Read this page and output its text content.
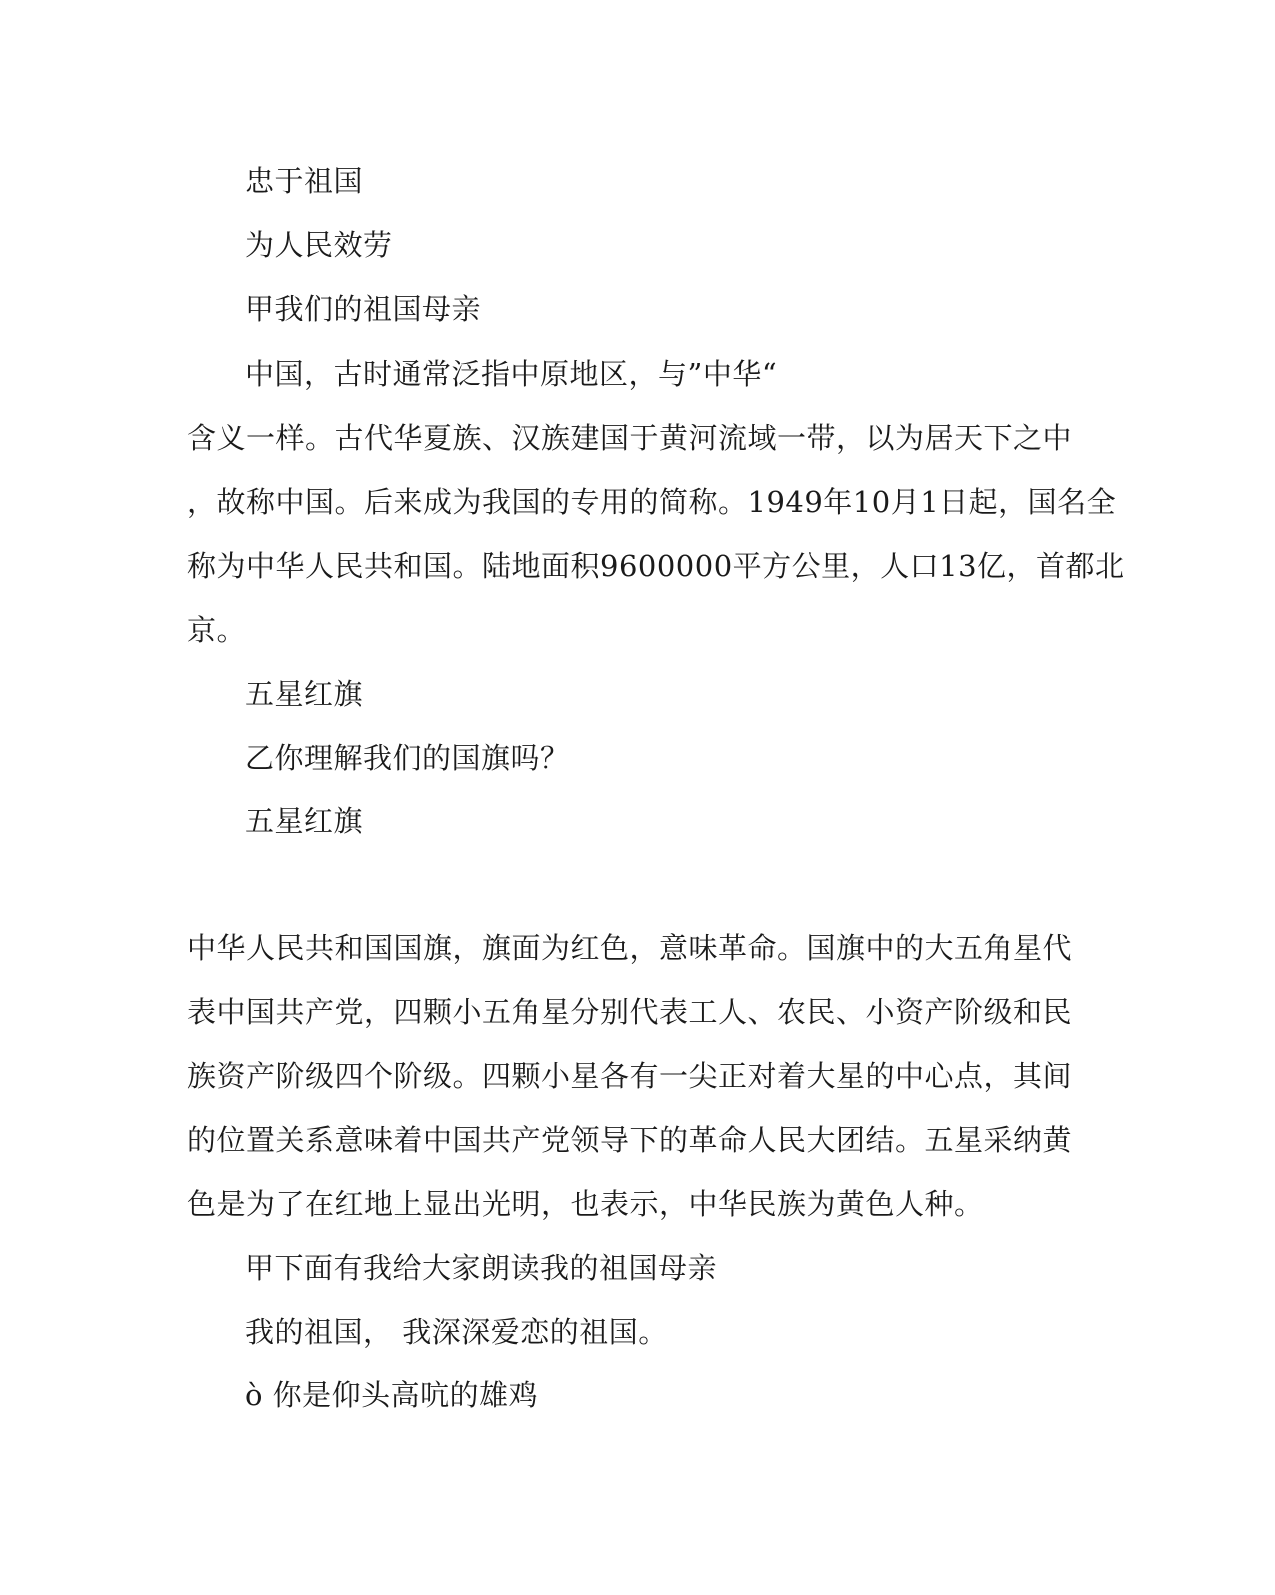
忠于祖国
为人民效劳
甲我们的祖国母亲
中国，古时通常泛指中原地区，与”中华“
含义一样。古代华夏族、汉族建国于黄河流域一带，以为居天下之中
，故称中国。后来成为我国的专用的简称。1949年10月1日起，国名全
称为中华人民共和国。陆地面积9600000平方公里，人口13亿，首都北
京。
五星红旗
乙你理解我们的国旗吗？
五星红旗
中华人民共和国国旗，旗面为红色，意味革命。国旗中的大五角星代
表中国共产党，四颗小五角星分别代表工人、农民、小资产阶级和民
族资产阶级四个阶级。四颗小星各有一尖正对着大星的中心点，其间
的位置关系意味着中国共产党领导下的革命人民大团结。五星采纳黄
色是为了在红地上显出光明，也表示，中华民族为黄色人种。
甲下面有我给大家朗读我的祖国母亲
我的祖国， 我深深爱恋的祖国。
ò 你是仰头高吭的雄鸡
